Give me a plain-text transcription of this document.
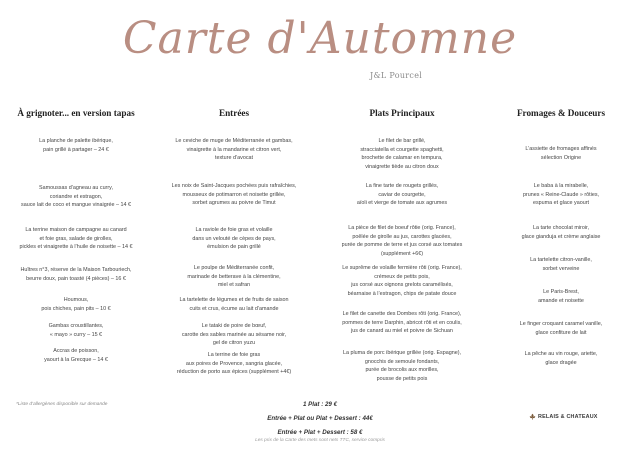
Carte d'Automne
J&L Pourcel
À grignoter... en version tapas
La planche de palette ibérique,
pain grillé à partager – 24 €
Samoussas d’agneau au curry,
coriandre et estragon,
sauce lait de coco et mangue vinaigrée – 14 €
La terrine maison de campagne au canard
et foie gras, salade de girolles,
pickles et vinaigrette à l’huile de noisette – 14 €
Huîtres n°3, réserve de la Maison Tarbouriech,
beurre doux, pain toasté (4 pièces) – 16 €
Houmous,
pois chiches, pain pits – 10 €
Gambas croustillantes,
« mayo » curry – 15 €
Accras de poisson,
yaourt à la Grecque – 14 €
Entrées
Le ceviche de muge de Méditerranée et gambas,
vinaigrette à la mandarine et citron vert,
texture d’avocat
Les noix de Saint-Jacques pochées puis rafraîchies,
mousseux de potimarron et noisette grillée,
sorbet agrumes au poivre de Timut
La raviole de foie gras et volaille
dans un velouté de cèpes de pays,
émulsion de pain grillé
Le poulpe de Méditerranée confit,
marinade de betterave à la clémentine,
miel et safran
La tartelette de légumes et de fruits de saison
cuits et crus, écume au lait d’amande
Le tataki de poire de bœuf,
carotte des sables marinée au sésame noir,
gel de citron yuzu
La terrine de foie gras
aux poires de Provence, sangria glacée,
réduction de porto aux épices (supplément +4€)
Plats Principaux
Le filet de bar grillé,
stracciatella et courgette spaghetti,
brochette de calamar en tempura,
vinaigrette tiède au citron doux
La fine tarte de rougets grillés,
caviar de courgette,
aïoli et vierge de tomate aux agrumes
La pièce de filet de boeuf rôtie (orig. France),
poêlée de girolle au jus, carottes glacées,
purée de pomme de terre et jus corsé aux tomates
(supplément +6€)
Le suprême de volaille fermière rôti (orig. France),
crémeux de petits pois,
jus corsé aux oignons grelots caramélisés,
béarnaise à l’estragon, chips de patate douce
Le filet de canette des Dombes rôti (orig. France),
pommes de terre Darphin, abricot rôti et en coulis,
jus de canard au miel et poivre de Sichuan
La pluma de porc ibérique grillée (orig. Espagne),
gnocchis de semoule fondants,
purée de brocolis aux morilles,
pousse de petits pois
Fromages & Douceurs
L’assiette de fromages affinés
sélection Origine
Le baba à la mirabelle,
prunes « Reine-Claude » rôties,
espuma et glace yaourt
La tarte chocolat miroir,
glace gianduja et crème anglaise
La tartelette citron-vanille,
sorbet verveine
Le Paris-Brest,
amande et noisette
Le finger croquant caramel vanille,
glace confiture de lait
La pêche au vin rouge, ariette,
glace dragée
*Liste d’allergènes disponible sur demande	1 Plat : 29 €
Entrée + Plat ou Plat + Dessert : 44€
Entrée + Plat + Dessert : 58 €
Les prix de la Carte des mets sont nets TTC, service compris
RELAIS & CHATEAUX
